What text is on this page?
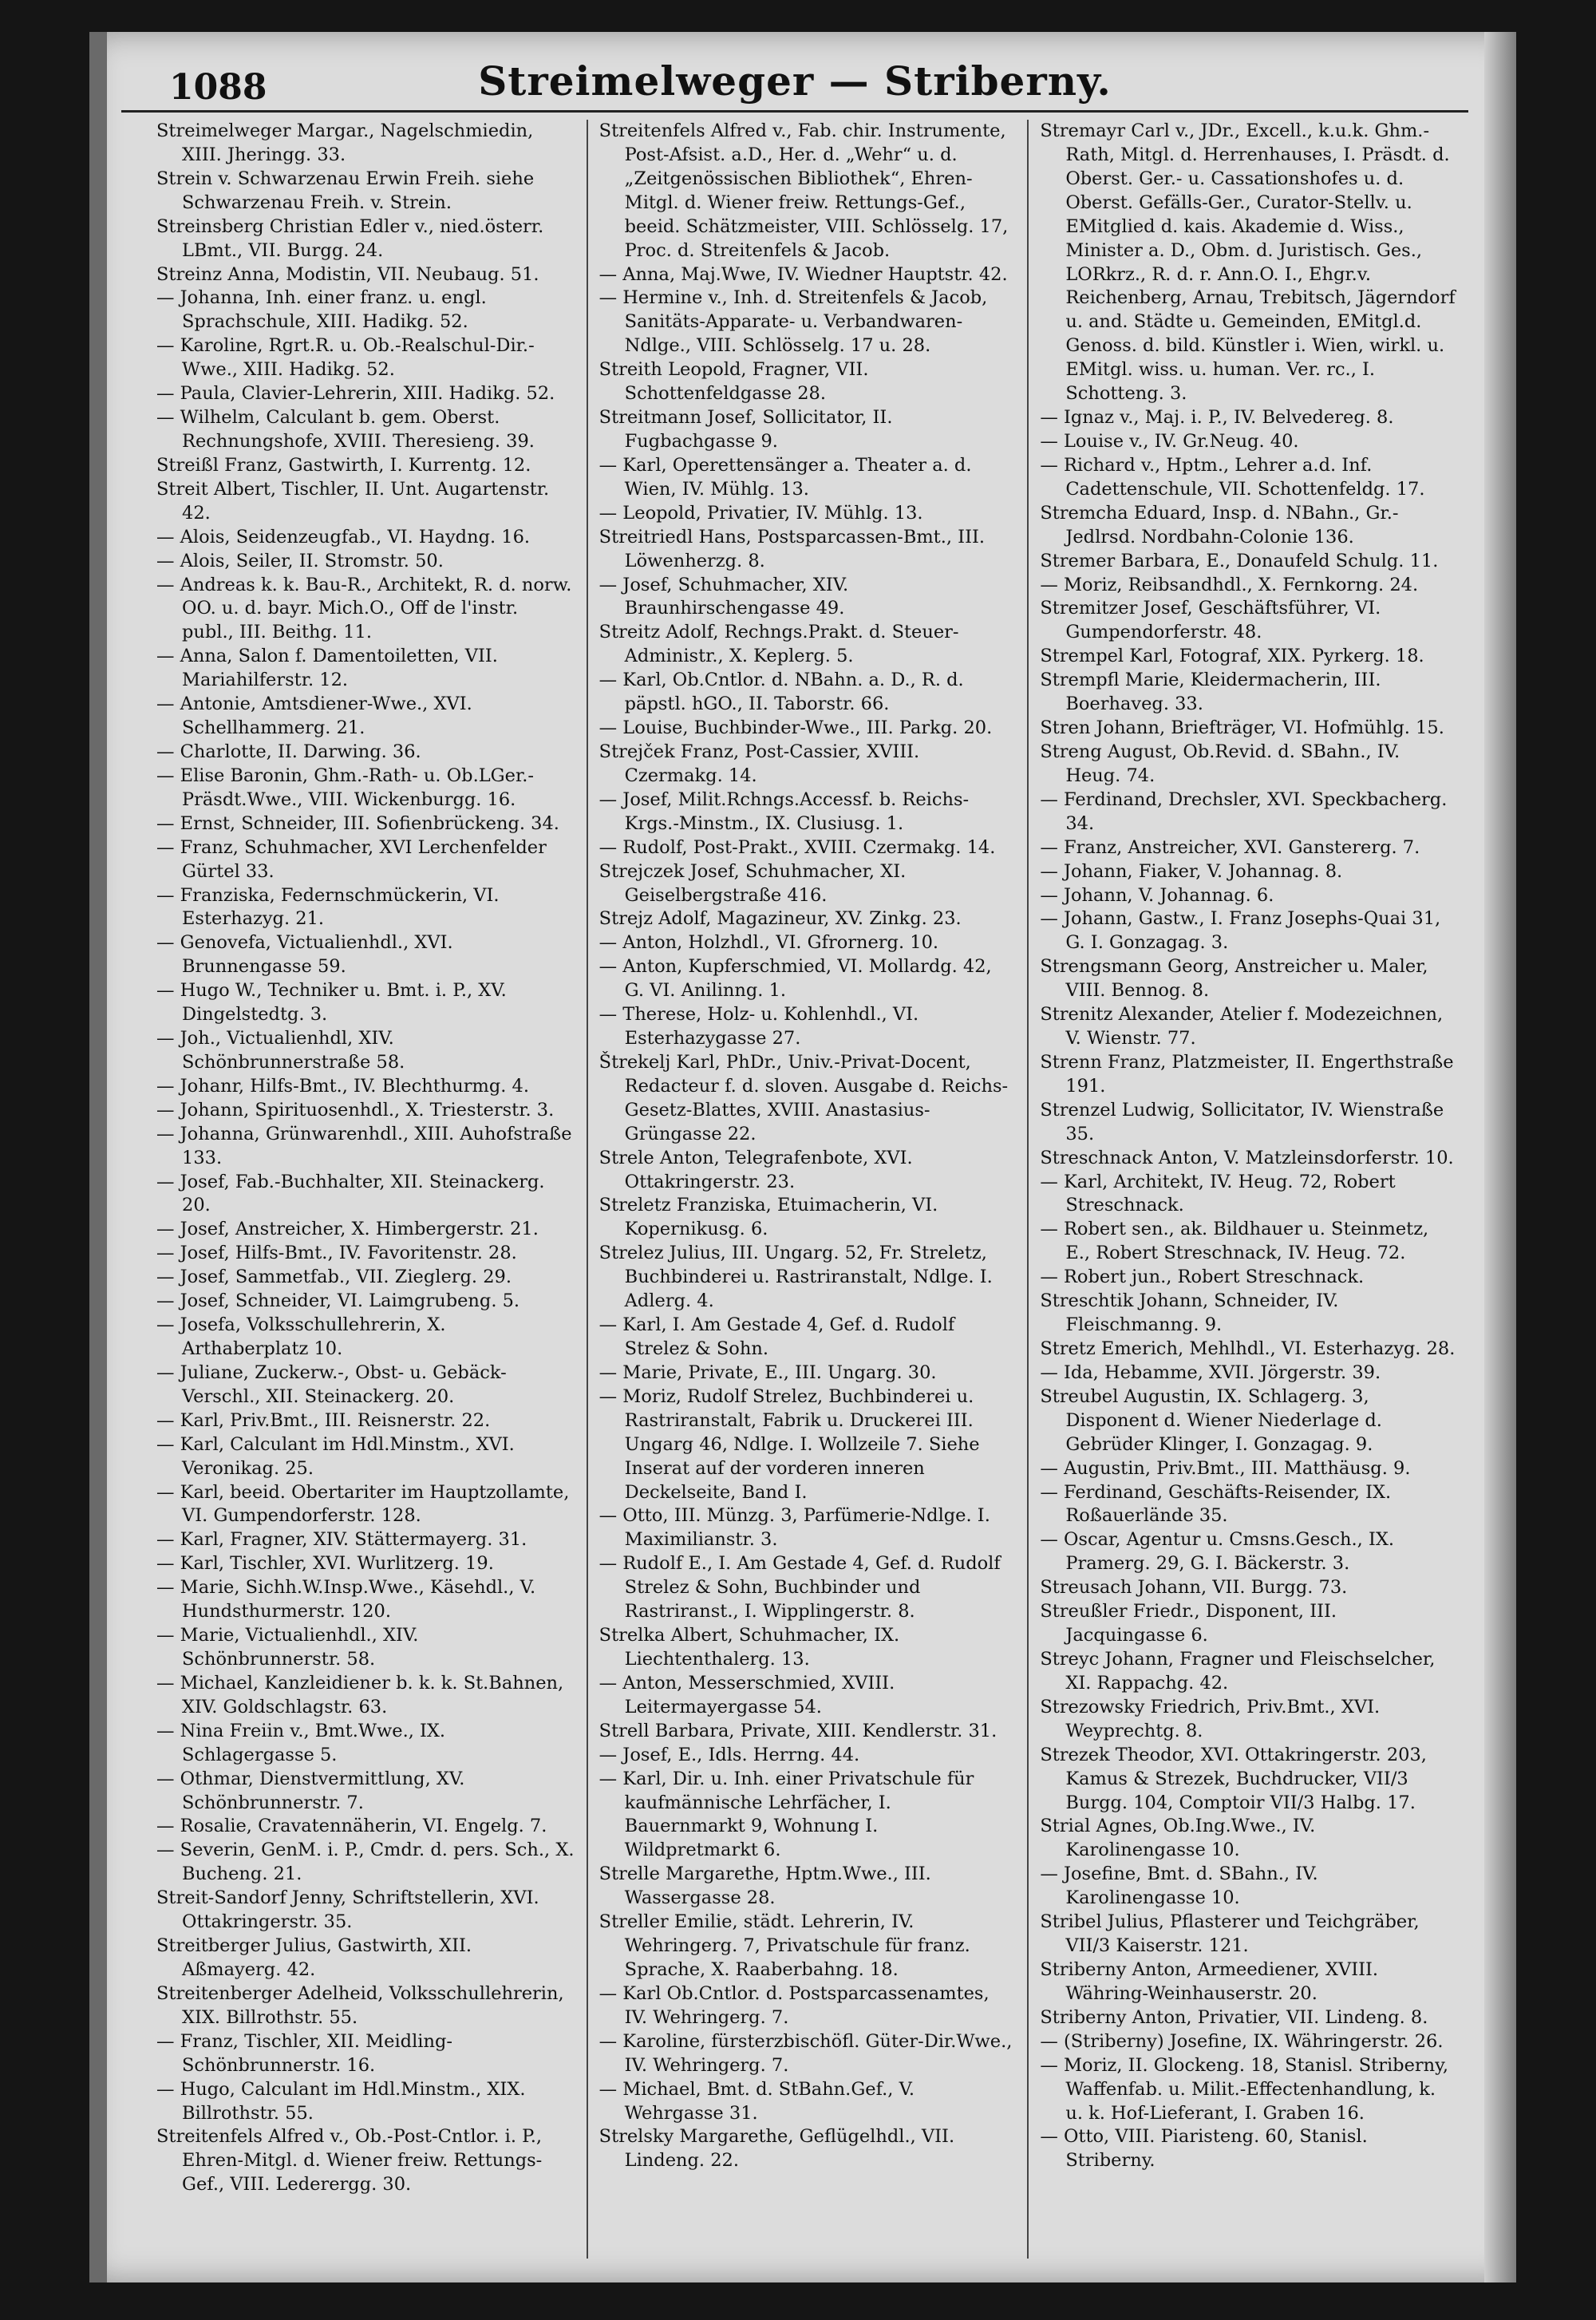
1088	Streimelweger — Striberny.

Streimelweger Margar., Nagelschmiedin, XIII. Jheringg. 33.

Strein v. Schwarzenau Erwin Freih. siehe Schwarzenau Freih. v. Strein.

Streinsberg Christian Edler v., nied.österr. LBmt., VII. Burgg. 24.

Streinz Anna, Modistin, VII. Neubaug. 51.

— Johanna, Inh. einer franz. u. engl. Sprachschule, XIII. Hadikg. 52.

— Karoline, Rgrt.R. u. Ob.-Realschul-Dir.-Wwe., XIII. Hadikg. 52.

— Paula, Clavier-Lehrerin, XIII. Hadikg. 52.

— Wilhelm, Calculant b. gem. Oberst. Rechnungshofe, XVIII. Theresieng. 39.

Streißl Franz, Gastwirth, I. Kurrentg. 12.

Streit Albert, Tischler, II. Unt. Augartenstr. 42.

— Alois, Seidenzeugfab., VI. Haydng. 16.

— Alois, Seiler, II. Stromstr. 50.

— Andreas k. k. Bau-R., Architekt, R. d. norw. OO. u. d. bayr. Mich.O., Off de l'instr. publ., III. Beithg. 11.

— Anna, Salon f. Damentoiletten, VII. Mariahilferstr. 12.

— Antonie, Amtsdiener-Wwe., XVI. Schellhammerg. 21.

— Charlotte, II. Darwing. 36.

— Elise Baronin, Ghm.-Rath- u. Ob.LGer.-Präsdt.Wwe., VIII. Wickenburgg. 16.

— Ernst, Schneider, III. Sofienbrückeng. 34.

— Franz, Schuhmacher, XVI Lerchenfelder Gürtel 33.

— Franziska, Federnschmückerin, VI. Esterhazyg. 21.

— Genovefa, Victualienhdl., XVI. Brunnengasse 59.

— Hugo W., Techniker u. Bmt. i. P., XV. Dingelstedtg. 3.

— Joh., Victualienhdl, XIV. Schönbrunnerstraße 58.

— Johanr, Hilfs-Bmt., IV. Blechthurmg. 4.

— Johann, Spirituosenhdl., X. Triesterstr. 3.

— Johanna, Grünwarenhdl., XIII. Auhofstraße 133.

— Josef, Fab.-Buchhalter, XII. Steinackerg. 20.

— Josef, Anstreicher, X. Himbergerstr. 21.

— Josef, Hilfs-Bmt., IV. Favoritenstr. 28.

— Josef, Sammetfab., VII. Zieglerg. 29.

— Josef, Schneider, VI. Laimgrubeng. 5.

— Josefa, Volksschullehrerin, X. Arthaberplatz 10.

— Juliane, Zuckerw.-, Obst- u. Gebäck-Verschl., XII. Steinackerg. 20.

— Karl, Priv.Bmt., III. Reisnerstr. 22.

— Karl, Calculant im Hdl.Minstm., XVI. Veronikag. 25.

— Karl, beeid. Obertariter im Hauptzollamte, VI. Gumpendorferstr. 128.

— Karl, Fragner, XIV. Stättermayerg. 31.

— Karl, Tischler, XVI. Wurlitzerg. 19.

— Marie, Sichh.W.Insp.Wwe., Käsehdl., V. Hundsthurmerstr. 120.

— Marie, Victualienhdl., XIV. Schönbrunnerstr. 58.

— Michael, Kanzleidiener b. k. k. St.Bahnen, XIV. Goldschlagstr. 63.

— Nina Freiin v., Bmt.Wwe., IX. Schlagergasse 5.

— Othmar, Dienstvermittlung, XV. Schönbrunnerstr. 7.

— Rosalie, Cravatennäherin, VI. Engelg. 7.

— Severin, GenM. i. P., Cmdr. d. pers. Sch., X. Bucheng. 21.

Streit-Sandorf Jenny, Schriftstellerin, XVI. Ottakringerstr. 35.

Streitberger Julius, Gastwirth, XII. Aßmayerg. 42.

Streitenberger Adelheid, Volksschullehrerin, XIX. Billrothstr. 55.

— Franz, Tischler, XII. Meidling-Schönbrunnerstr. 16.

— Hugo, Calculant im Hdl.Minstm., XIX. Billrothstr. 55.

Streitenfels Alfred v., Ob.-Post-Cntlor. i. P., Ehren-Mitgl. d. Wiener freiw. Rettungs-Gef., VIII. Lederergg. 30.

Streitenfels Alfred v., Fab. chir. Instrumente, Post-Afsist. a.D., Her. d. „Wehr“ u. d. „Zeitgenössischen Bibliothek“, Ehren-Mitgl. d. Wiener freiw. Rettungs-Gef., beeid. Schätzmeister, VIII. Schlösselg. 17, Proc. d. Streitenfels & Jacob.

— Anna, Maj.Wwe, IV. Wiedner Hauptstr. 42.

— Hermine v., Inh. d. Streitenfels & Jacob, Sanitäts-Apparate- u. Verbandwaren-Ndlge., VIII. Schlösselg. 17 u. 28.

Streith Leopold, Fragner, VII. Schottenfeldgasse 28.

Streitmann Josef, Sollicitator, II. Fugbachgasse 9.

— Karl, Operettensänger a. Theater a. d. Wien, IV. Mühlg. 13.

— Leopold, Privatier, IV. Mühlg. 13.

Streitriedl Hans, Postsparcassen-Bmt., III. Löwenherzg. 8.

— Josef, Schuhmacher, XIV. Braunhirschengasse 49.

Streitz Adolf, Rechngs.Prakt. d. Steuer-Administr., X. Keplerg. 5.

— Karl, Ob.Cntlor. d. NBahn. a. D., R. d. päpstl. hGO., II. Taborstr. 66.

— Louise, Buchbinder-Wwe., III. Parkg. 20.

Strejček Franz, Post-Cassier, XVIII. Czermakg. 14.

— Josef, Milit.Rchngs.Accessf. b. Reichs-Krgs.-Minstm., IX. Clusiusg. 1.

— Rudolf, Post-Prakt., XVIII. Czermakg. 14.

Strejczek Josef, Schuhmacher, XI. Geiselbergstraße 416.

Strejz Adolf, Magazineur, XV. Zinkg. 23.

— Anton, Holzhdl., VI. Gfrornerg. 10.

— Anton, Kupferschmied, VI. Mollardg. 42, G. VI. Anilinng. 1.

— Therese, Holz- u. Kohlenhdl., VI. Esterhazygasse 27.

Štrekelj Karl, PhDr., Univ.-Privat-Docent, Redacteur f. d. sloven. Ausgabe d. Reichs-Gesetz-Blattes, XVIII. Anastasius-Grüngasse 22.

Strele Anton, Telegrafenbote, XVI. Ottakringerstr. 23.

Streletz Franziska, Etuimacherin, VI. Kopernikusg. 6.

Strelez Julius, III. Ungarg. 52, Fr. Streletz, Buchbinderei u. Rastriranstalt, Ndlge. I. Adlerg. 4.

— Karl, I. Am Gestade 4, Gef. d. Rudolf Strelez & Sohn.

— Marie, Private, E., III. Ungarg. 30.

— Moriz, Rudolf Strelez, Buchbinderei u. Rastriranstalt, Fabrik u. Druckerei III. Ungarg 46, Ndlge. I. Wollzeile 7. Siehe Inserat auf der vorderen inneren Deckelseite, Band I.

— Otto, III. Münzg. 3, Parfümerie-Ndlge. I. Maximilianstr. 3.

— Rudolf E., I. Am Gestade 4, Gef. d. Rudolf Strelez & Sohn, Buchbinder und Rastriranst., I. Wipplingerstr. 8.

Strelka Albert, Schuhmacher, IX. Liechtenthalerg. 13.

— Anton, Messerschmied, XVIII. Leitermayergasse 54.

Strell Barbara, Private, XIII. Kendlerstr. 31.

— Josef, E., Idls. Herrng. 44.

— Karl, Dir. u. Inh. einer Privatschule für kaufmännische Lehrfächer, I. Bauernmarkt 9, Wohnung I. Wildpretmarkt 6.

Strelle Margarethe, Hptm.Wwe., III. Wassergasse 28.

Streller Emilie, städt. Lehrerin, IV. Wehringerg. 7, Privatschule für franz. Sprache, X. Raaberbahng. 18.

— Karl Ob.Cntlor. d. Postsparcassenamtes, IV. Wehringerg. 7.

— Karoline, fürsterzbischöfl. Güter-Dir.Wwe., IV. Wehringerg. 7.

— Michael, Bmt. d. StBahn.Gef., V. Wehrgasse 31.

Strelsky Margarethe, Geflügelhdl., VII. Lindeng. 22.

Stremayr Carl v., JDr., Excell., k.u.k. Ghm.-Rath, Mitgl. d. Herrenhauses, I. Präsdt. d. Oberst. Ger.- u. Cassationshofes u. d. Oberst. Gefälls-Ger., Curator-Stellv. u. EMitglied d. kais. Akademie d. Wiss., Minister a. D., Obm. d. Juristisch. Ges., LORkrz., R. d. r. Ann.O. I., Ehgr.v. Reichenberg, Arnau, Trebitsch, Jägerndorf u. and. Städte u. Gemeinden, EMitgl.d. Genoss. d. bild. Künstler i. Wien, wirkl. u. EMitgl. wiss. u. human. Ver. rc., I. Schotteng. 3.

— Ignaz v., Maj. i. P., IV. Belvedereg. 8.

— Louise v., IV. Gr.Neug. 40.

— Richard v., Hptm., Lehrer a.d. Inf. Cadettenschule, VII. Schottenfeldg. 17.

Stremcha Eduard, Insp. d. NBahn., Gr.-Jedlrsd. Nordbahn-Colonie 136.

Stremer Barbara, E., Donaufeld Schulg. 11.

— Moriz, Reibsandhdl., X. Fernkorng. 24.

Stremitzer Josef, Geschäftsführer, VI. Gumpendorferstr. 48.

Strempel Karl, Fotograf, XIX. Pyrkerg. 18.

Strempfl Marie, Kleidermacherin, III. Boerhaveg. 33.

Stren Johann, Briefträger, VI. Hofmühlg. 15.

Streng August, Ob.Revid. d. SBahn., IV. Heug. 74.

— Ferdinand, Drechsler, XVI. Speckbacherg. 34.

— Franz, Anstreicher, XVI. Ganstererg. 7.

— Johann, Fiaker, V. Johannag. 8.

— Johann, V. Johannag. 6.

— Johann, Gastw., I. Franz Josephs-Quai 31, G. I. Gonzagag. 3.

Strengsmann Georg, Anstreicher u. Maler, VIII. Bennog. 8.

Strenitz Alexander, Atelier f. Modezeichnen, V. Wienstr. 77.

Strenn Franz, Platzmeister, II. Engerthstraße 191.

Strenzel Ludwig, Sollicitator, IV. Wienstraße 35.

Streschnack Anton, V. Matzleinsdorferstr. 10.

— Karl, Architekt, IV. Heug. 72, Robert Streschnack.

— Robert sen., ak. Bildhauer u. Steinmetz, E., Robert Streschnack, IV. Heug. 72.

— Robert jun., Robert Streschnack.

Streschtik Johann, Schneider, IV. Fleischmanng. 9.

Stretz Emerich, Mehlhdl., VI. Esterhazyg. 28.

— Ida, Hebamme, XVII. Jörgerstr. 39.

Streubel Augustin, IX. Schlagerg. 3, Disponent d. Wiener Niederlage d. Gebrüder Klinger, I. Gonzagag. 9.

— Augustin, Priv.Bmt., III. Matthäusg. 9.

— Ferdinand, Geschäfts-Reisender, IX. Roßauerlände 35.

— Oscar, Agentur u. Cmsns.Gesch., IX. Pramerg. 29, G. I. Bäckerstr. 3.

Streusach Johann, VII. Burgg. 73.

Streußler Friedr., Disponent, III. Jacquingasse 6.

Streyc Johann, Fragner und Fleischselcher, XI. Rappachg. 42.

Strezowsky Friedrich, Priv.Bmt., XVI. Weyprechtg. 8.

Strezek Theodor, XVI. Ottakringerstr. 203, Kamus & Strezek, Buchdrucker, VII/3 Burgg. 104, Comptoir VII/3 Halbg. 17.

Strial Agnes, Ob.Ing.Wwe., IV. Karolinengasse 10.

— Josefine, Bmt. d. SBahn., IV. Karolinengasse 10.

Stribel Julius, Pflasterer und Teichgräber, VII/3 Kaiserstr. 121.

Striberny Anton, Armeediener, XVIII. Währing-Weinhauserstr. 20.

Striberny Anton, Privatier, VII. Lindeng. 8.

— (Striberny) Josefine, IX. Währingerstr. 26.

— Moriz, II. Glockeng. 18, Stanisl. Striberny, Waffenfab. u. Milit.-Effectenhandlung, k. u. k. Hof-Lieferant, I. Graben 16.

— Otto, VIII. Piaristeng. 60, Stanisl. Striberny.
